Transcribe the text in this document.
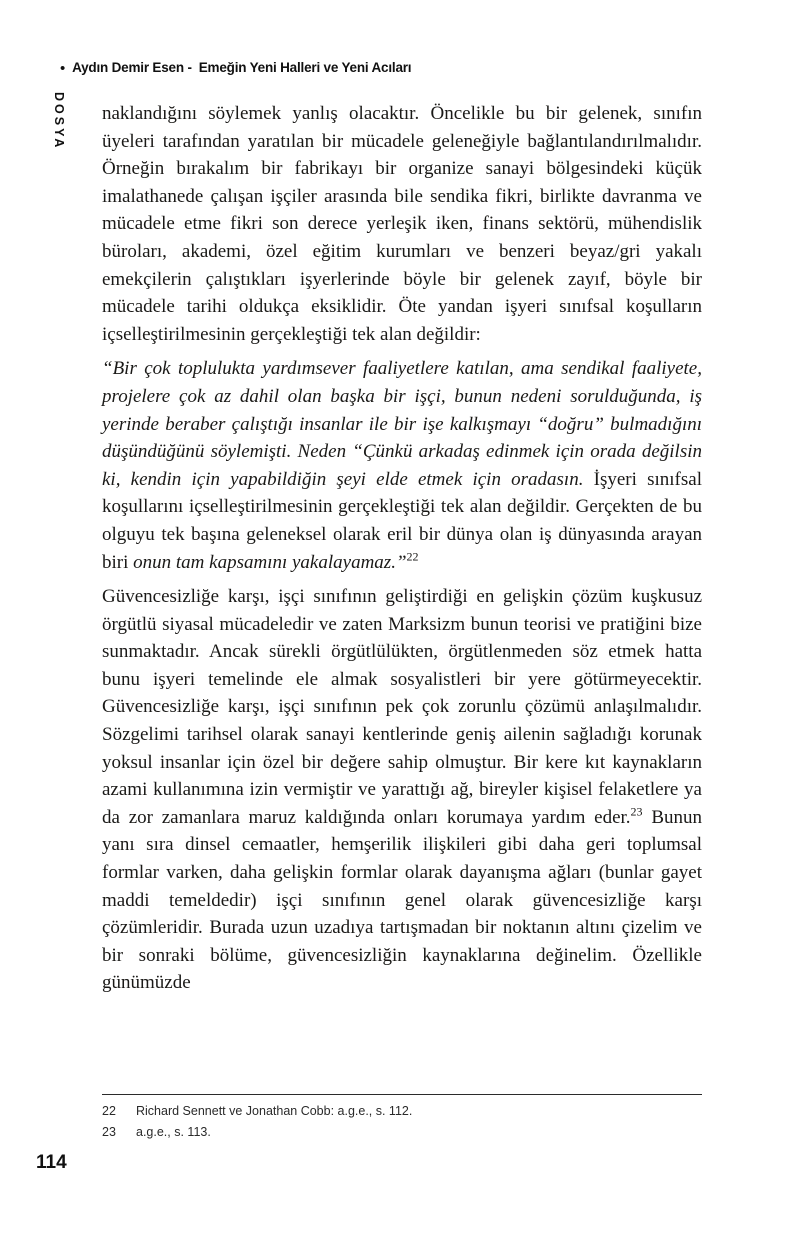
• Aydın Demir Esen - Emeğin Yeni Halleri ve Yeni Acıları
DOSYA naklandığını söylemek yanlış olacaktır. Öncelikle bu bir gelenek, sınıfın üyeleri tarafından yaratılan bir mücadele geleneğiyle bağlantılandırılmalıdır. Örneğin bırakalım bir fabrikayı bir organize sanayi bölgesindeki küçük imalathanede çalışan işçiler arasında bile sendika fikri, birlikte davranma ve mücadele etme fikri son derece yerleşik iken, finans sektörü, mühendislik büroları, akademi, özel eğitim kurumları ve benzeri beyaz/gri yakalı emekçilerin çalıştıkları işyerlerinde böyle bir gelenek zayıf, böyle bir mücadele tarihi oldukça eksiklidir. Öte yandan işyeri sınıfsal koşulların içselleştirilmesinin gerçekleştiği tek alan değildir:

“Bir çok toplulukta yardımsever faaliyetlere katılan, ama sendikal faaliyete, projelere çok az dahil olan başka bir işçi, bunun nedeni sorulduğunda, iş yerinde beraber çalıştığı insanlar ile bir işe kalkışmayı “doğru” bulmadığını düşündüğünü söylemişti. Neden “Çünkü arkadaş edinmek için orada değilsin ki, kendin için yapabildiğin şeyi elde etmek için oradasın. İşyeri sınıfsal koşullarını içselleştirilmesinin gerçekleştiği tek alan değildir. Gerçekten de bu olguyu tek başına geleneksel olarak eril bir dünya olan iş dünyasında arayan biri onun tam kapsamını yakalayamaz.”$^{22}$

Güvencesizliğe karşı, işçi sınıfının geliştirdiği en gelişkin çözüm kuşkusuz örgütlü siyasal mücadeledir ve zaten Marksizm bunun teorisi ve pratiğini bize sunmaktadır. Ancak sürekli örgütlülükten, örgütlenmeden söz etmek hatta bunu işyeri temelinde ele almak sosyalistleri bir yere götürmeyecektir. Güvencesizliğe karşı, işçi sınıfının pek çok zorunlu çözümü anlaşılmalıdır. Sözgelimi tarihsel olarak sanayi kentlerinde geniş ailenin sağladığı korunak yoksul insanlar için özel bir değere sahip olmuştur. Bir kere kıt kaynakların azami kullanımına izin vermiştir ve yarattığı ağ, bireyler kişisel felaketlere ya da zor zamanlara maruz kaldığında onları korumaya yardım eder.$^{23}$ Bunun yanı sıra dinsel cemaatler, hemşerilik ilişkileri gibi daha geri toplumsal formlar varken, daha gelişkin formlar olarak dayanışma ağları (bunlar gayet maddi temeldedir) işçi sınıfının genel olarak güvencesizliğe karşı çözümleridir. Burada uzun uzadıya tartışmadan bir noktanın altını çizelim ve bir sonraki bölüme, güvencesizliğin kaynaklarına değinelim. Özellikle günümüzde

22	Richard Sennett ve Jonathan Cobb: a.g.e., s. 112.
23	a.g.e., s. 113.
114
